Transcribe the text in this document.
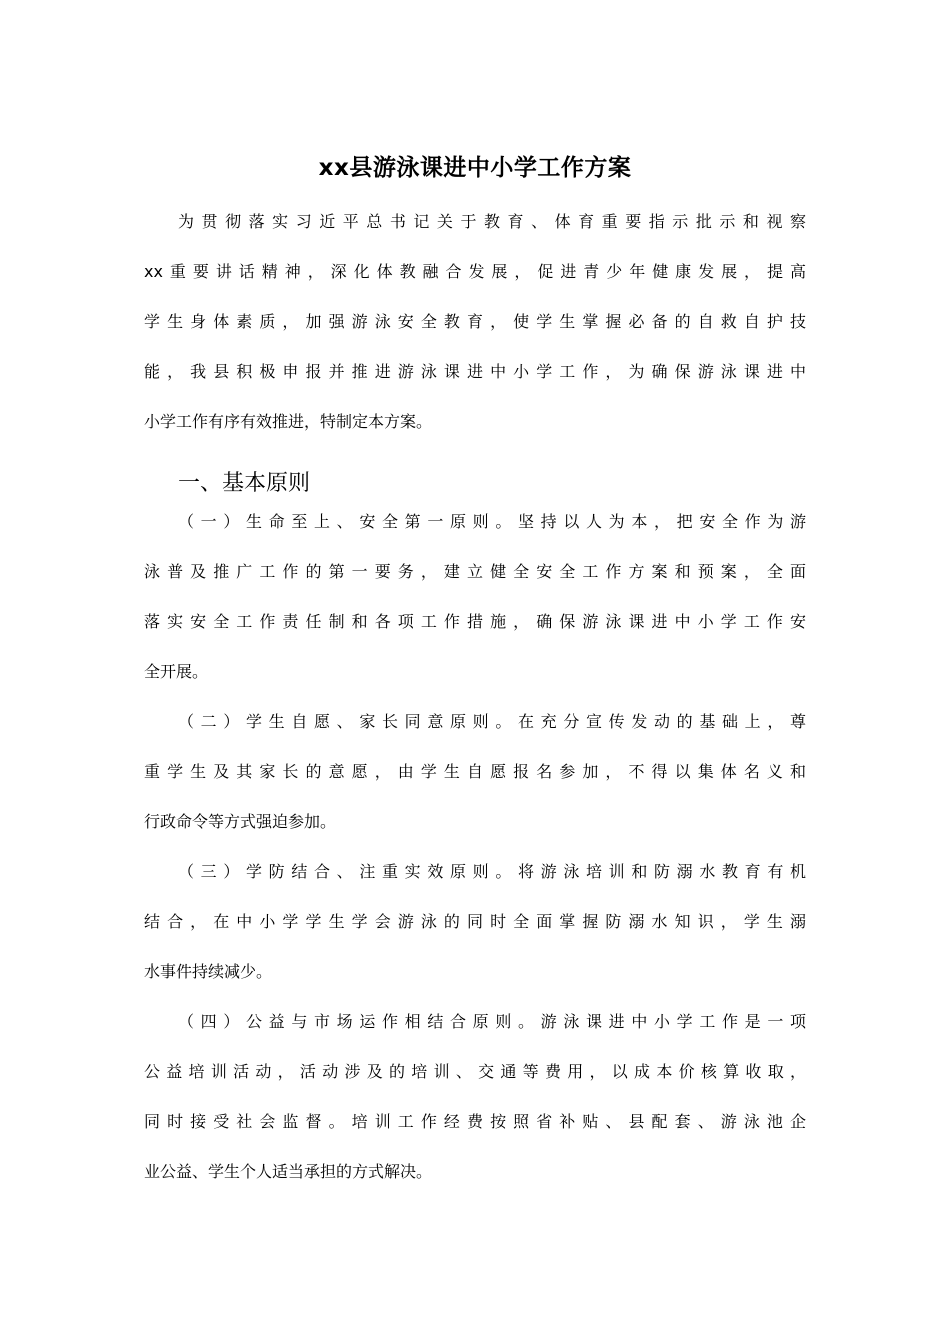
xx县游泳课进中小学工作方案
为贯彻落实习近平总书记关于教育、体育重要指示批示和视察
xx重要讲话精神，深化体教融合发展，促进青少年健康发展，提高
学生身体素质，加强游泳安全教育，使学生掌握必备的自救自护技
能，我县积极申报并推进游泳课进中小学工作，为确保游泳课进中
小学工作有序有效推进，特制定本方案。
一、基本原则
（一）生命至上、安全第一原则。坚持以人为本，把安全作为游
泳普及推广工作的第一要务，建立健全安全工作方案和预案，全面
落实安全工作责任制和各项工作措施，确保游泳课进中小学工作安
全开展。
（二）学生自愿、家长同意原则。在充分宣传发动的基础上，尊
重学生及其家长的意愿，由学生自愿报名参加，不得以集体名义和
行政命令等方式强迫参加。
（三）学防结合、注重实效原则。将游泳培训和防溺水教育有机
结合，在中小学学生学会游泳的同时全面掌握防溺水知识，学生溺
水事件持续减少。
（四）公益与市场运作相结合原则。游泳课进中小学工作是一项
公益培训活动，活动涉及的培训、交通等费用，以成本价核算收取，
同时接受社会监督。培训工作经费按照省补贴、县配套、游泳池企
业公益、学生个人适当承担的方式解决。
